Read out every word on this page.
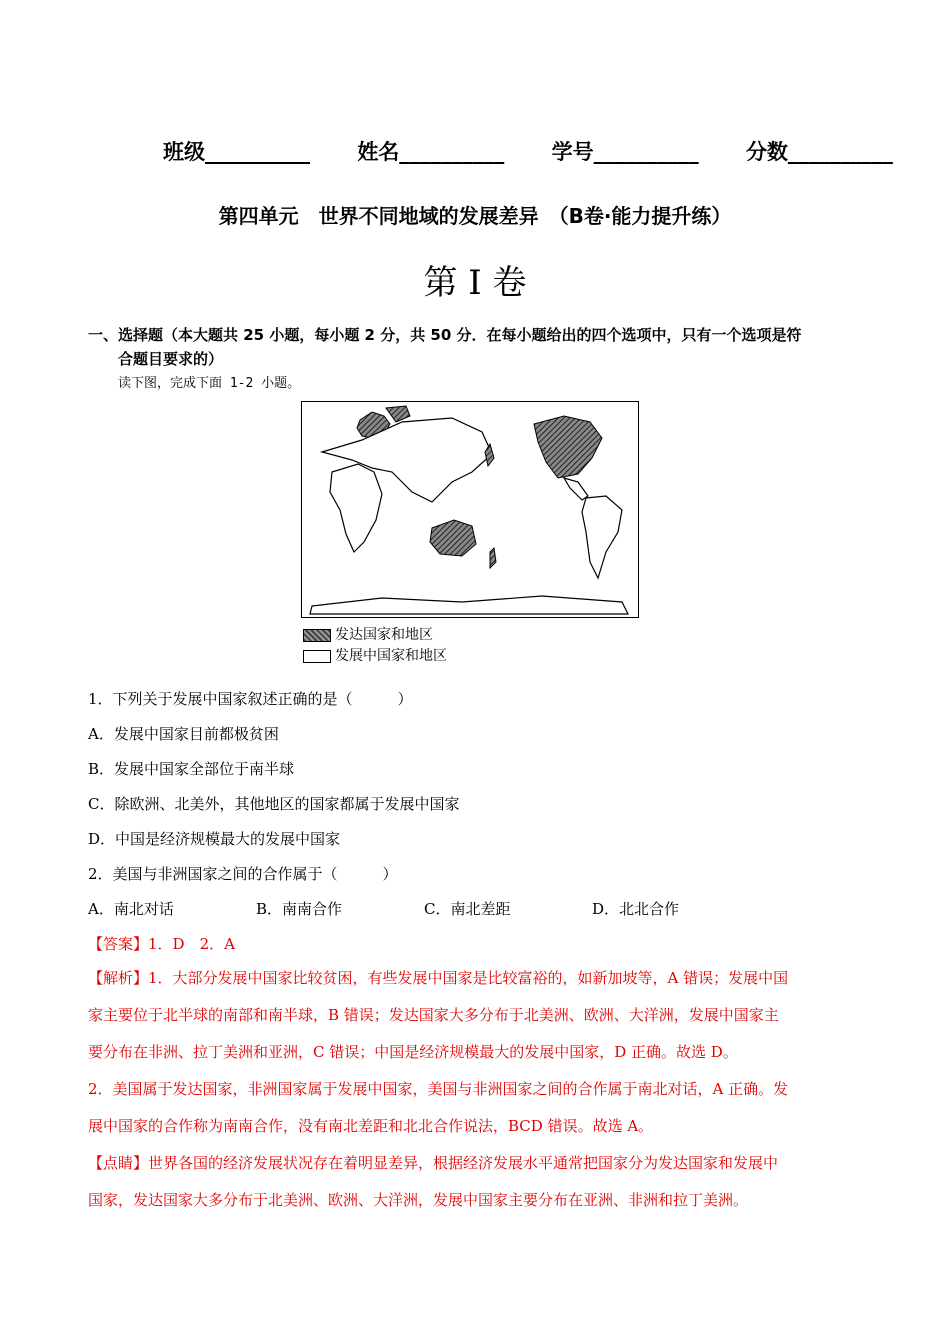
班级__________ 姓名__________ 学号__________ 分数__________
第四单元　世界不同地域的发展差异　（B卷·能力提升练）
第 I 卷
一、选择题（本大题共 25 小题，每小题 2 分，共 50 分．在每小题给出的四个选项中，只有一个选项是符
合题目要求的）
读下图，完成下面 1-2 小题。
发达国家和地区
发展中国家和地区
1．下列关于发展中国家叙述正确的是（　　　）
A．发展中国家目前都极贫困
B．发展中国家全部位于南半球
C．除欧洲、北美外，其他地区的国家都属于发展中国家
D．中国是经济规模最大的发展中国家
2．美国与非洲国家之间的合作属于（　　　）
A．南北对话	B．南南合作	C．南北差距	D．北北合作
【答案】1．D　2．A
【解析】1．大部分发展中国家比较贫困，有些发展中国家是比较富裕的，如新加坡等，A 错误；发展中国
家主要位于北半球的南部和南半球，B 错误；发达国家大多分布于北美洲、欧洲、大洋洲，发展中国家主
要分布在非洲、拉丁美洲和亚洲，C 错误；中国是经济规模最大的发展中国家，D 正确。故选 D。
2．美国属于发达国家，非洲国家属于发展中国家，美国与非洲国家之间的合作属于南北对话，A 正确。发
展中国家的合作称为南南合作，没有南北差距和北北合作说法，BCD 错误。故选 A。
【点睛】世界各国的经济发展状况存在着明显差异，根据经济发展水平通常把国家分为发达国家和发展中
国家，发达国家大多分布于北美洲、欧洲、大洋洲，发展中国家主要分布在亚洲、非洲和拉丁美洲。
